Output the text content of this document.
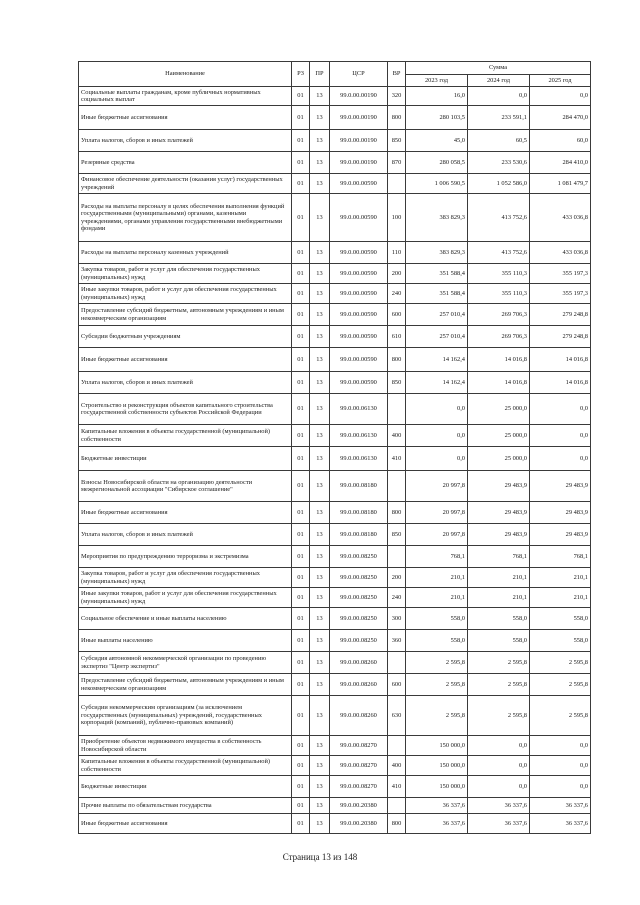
Наименование	РЗ	ПР	ЦСР	ВР	Сумма		
					2023 год	2024 год	2025 год
Социальные выплаты гражданам, кроме публичных нормативных социальных выплат	01	13	99.0.00.00190	320	16,0	0,0	0,0
Иные бюджетные ассигнования	01	13	99.0.00.00190	800	280 103,5	233 591,1	284 470,0
Уплата налогов, сборов и иных платежей	01	13	99.0.00.00190	850	45,0	60,5	60,0
Резервные средства	01	13	99.0.00.00190	870	280 058,5	233 530,6	284 410,0
Финансовое обеспечение деятельности (оказания услуг) государственных учреждений	01	13	99.0.00.00590		1 006 590,5	1 052 586,0	1 081 479,7
Расходы на выплаты персоналу в целях обеспечения выполнения функций государственными (муниципальными) органами, казенными учреждениями, органами управления государственными внебюджетными фондами	01	13	99.0.00.00590	100	383 829,3	413 752,6	433 036,8
Расходы на выплаты персоналу казенных учреждений	01	13	99.0.00.00590	110	383 829,3	413 752,6	433 036,8
Закупка товаров, работ и услуг для обеспечения государственных (муниципальных) нужд	01	13	99.0.00.00590	200	351 588,4	355 110,3	355 197,3
Иные закупки товаров, работ и услуг для обеспечения государственных (муниципальных) нужд	01	13	99.0.00.00590	240	351 588,4	355 110,3	355 197,3
Предоставление субсидий бюджетным, автономным учреждениям и иным некоммерческим организациям	01	13	99.0.00.00590	600	257 010,4	269 706,3	279 248,8
Субсидии бюджетным учреждениям	01	13	99.0.00.00590	610	257 010,4	269 706,3	279 248,8
Иные бюджетные ассигнования	01	13	99.0.00.00590	800	14 162,4	14 016,8	14 016,8
Уплата налогов, сборов и иных платежей	01	13	99.0.00.00590	850	14 162,4	14 016,8	14 016,8
Строительство и реконструкция объектов капитального строительства государственной собственности субъектов Российской Федерации	01	13	99.0.00.06130		0,0	25 000,0	0,0
Капитальные вложения в объекты государственной (муниципальной) собственности	01	13	99.0.00.06130	400	0,0	25 000,0	0,0
Бюджетные инвестиции	01	13	99.0.00.06130	410	0,0	25 000,0	0,0
Взносы Новосибирской области на организацию деятельности межрегиональной ассоциации "Сибирское соглашение"	01	13	99.0.00.08180		20 997,8	29 483,9	29 483,9
Иные бюджетные ассигнования	01	13	99.0.00.08180	800	20 997,8	29 483,9	29 483,9
Уплата налогов, сборов и иных платежей	01	13	99.0.00.08180	850	20 997,8	29 483,9	29 483,9
Мероприятия по предупреждению терроризма и экстремизма	01	13	99.0.00.08250		768,1	768,1	768,1
Закупка товаров, работ и услуг для обеспечения государственных (муниципальных) нужд	01	13	99.0.00.08250	200	210,1	210,1	210,1
Иные закупки товаров, работ и услуг для обеспечения государственных (муниципальных) нужд	01	13	99.0.00.08250	240	210,1	210,1	210,1
Социальное обеспечение и иные выплаты населению	01	13	99.0.00.08250	300	558,0	558,0	558,0
Иные выплаты населению	01	13	99.0.00.08250	360	558,0	558,0	558,0
Субсидия автономной некоммерческой организации по проведению экспертиз "Центр экспертиз"	01	13	99.0.00.08260		2 595,8	2 595,8	2 595,8
Предоставление субсидий бюджетным, автономным учреждениям и иным некоммерческим организациям	01	13	99.0.00.08260	600	2 595,8	2 595,8	2 595,8
Субсидии некоммерческим организациям (за исключением государственных (муниципальных) учреждений, государственных корпораций (компаний), публично-правовых компаний)	01	13	99.0.00.08260	630	2 595,8	2 595,8	2 595,8
Приобретение объектов недвижимого имущества в собственность Новосибирской области	01	13	99.0.00.08270		150 000,0	0,0	0,0
Капитальные вложения в объекты государственной (муниципальной) собственности	01	13	99.0.00.08270	400	150 000,0	0,0	0,0
Бюджетные инвестиции	01	13	99.0.00.08270	410	150 000,0	0,0	0,0
Прочие выплаты по обязательствам государства	01	13	99.0.00.20380		36 337,6	36 337,6	36 337,6
Иные бюджетные ассигнования	01	13	99.0.00.20380	800	36 337,6	36 337,6	36 337,6
Страница 13 из 148
